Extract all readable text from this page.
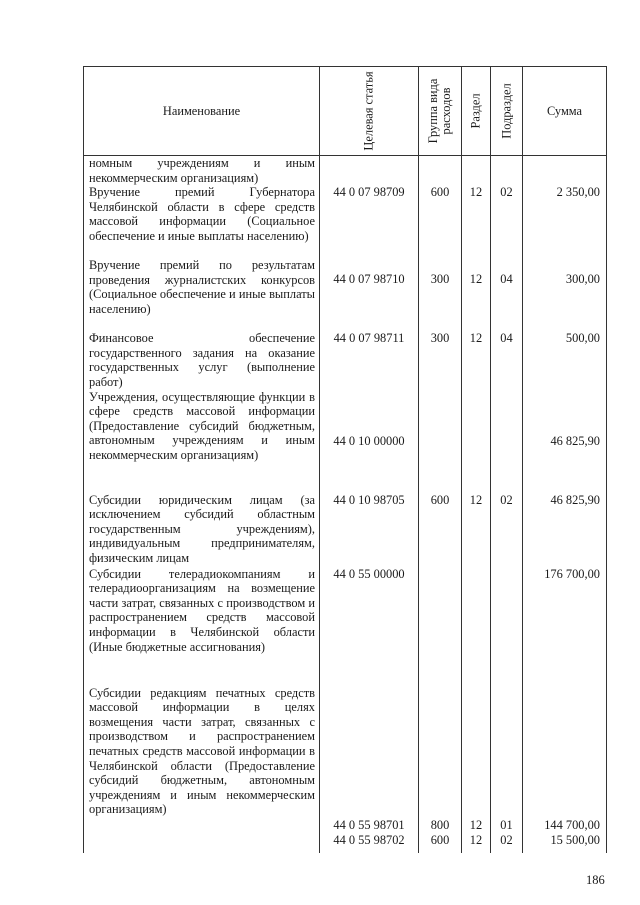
Наименование	Целевая статья	Группа вида расходов	Раздел	Подраздел	Сумма

номным учреждениям и иным некоммерческим организациям)					

Вручение премий Губернатора Челябинской области в сфере средств массовой информации (Социальное обеспечение и иные выплаты населению)	44 0 07 98709	600	12	02	2 350,00

Вручение премий по результатам проведения журналистских конкурсов (Социальное обеспечение и иные выплаты населению)	44 0 07 98710	300	12	04	300,00

Финансовое обеспечение государственного задания на оказание государственных услуг (выполнение работ)	44 0 07 98711	300	12	04	500,00

Учреждения, осуществляющие функции в сфере средств массовой информации (Предоставление субсидий бюджетным, автономным учреждениям и иным некоммерческим организациям)	44 0 10 00000				46 825,90

Субсидии юридическим лицам (за исключением субсидий областным государственным учреждениям), индивидуальным предпринимателям, физическим лицам	44 0 10 98705	600	12	02	46 825,90

Субсидии телерадиокомпаниям и телерадиоорганизациям на возмещение части затрат, связанных с производством и распространением средств массовой информации в Челябинской области (Иные бюджетные ассигнования)	44 0 55 00000				176 700,00

Субсидии редакциям печатных средств массовой информации в целях возмещения части затрат, связанных с производством и распространением печатных средств массовой информации в Челябинской области (Предоставление субсидий бюджетным, автономным учреждениям и иным некоммерческим организациям)	44 0 55 98701	800	12	01	144 700,00

	44 0 55 98702	600	12	02	15 500,00
186
